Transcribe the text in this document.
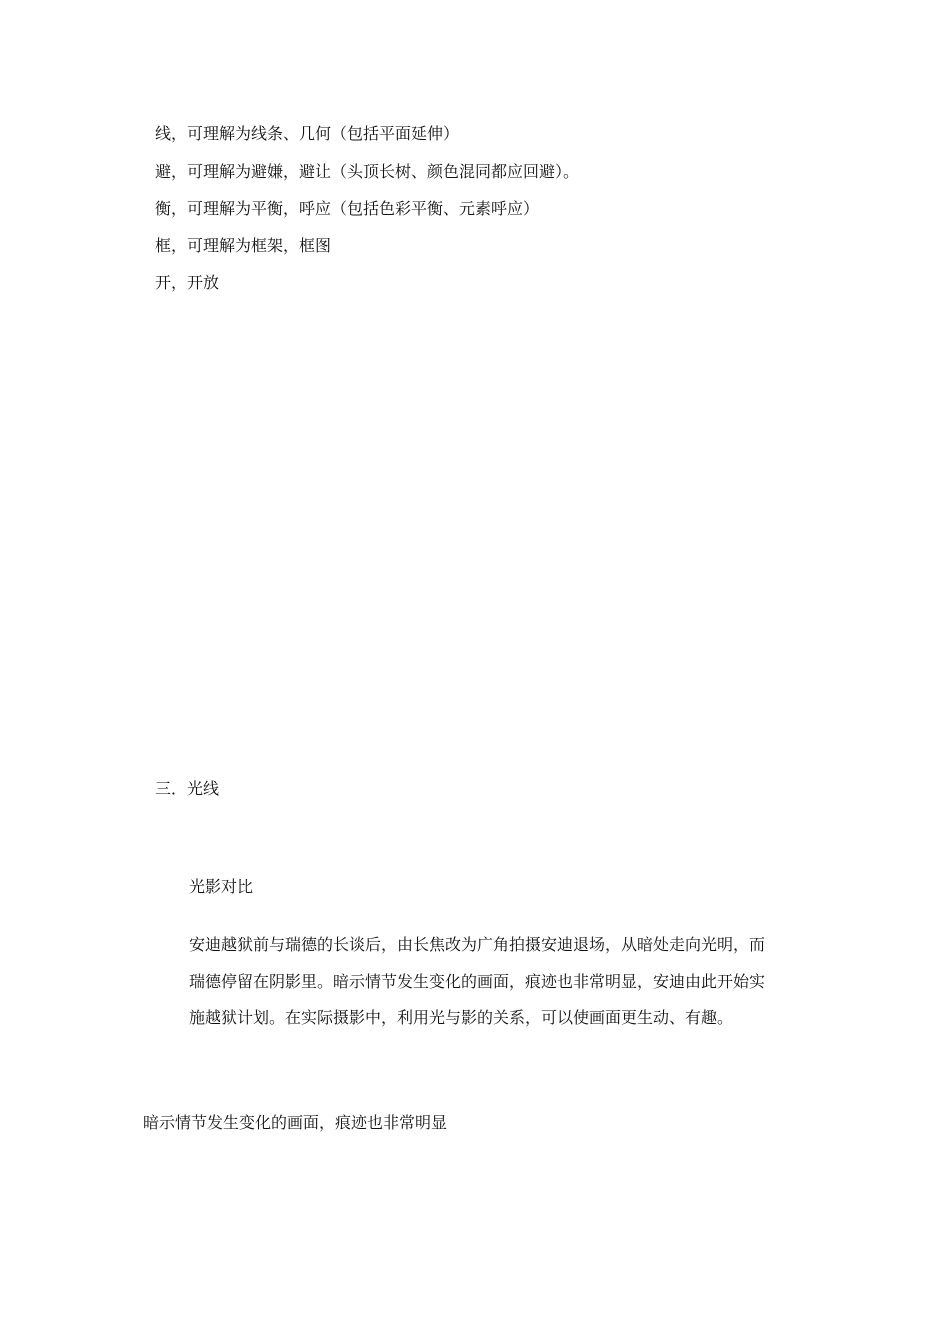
线，可理解为线条、几何（包括平面延伸）
避，可理解为避嫌，避让（头顶长树、颜色混同都应回避）。
衡，可理解为平衡，呼应（包括色彩平衡、元素呼应）
框，可理解为框架，框图
开，开放
三．光线
光影对比
安迪越狱前与瑞德的长谈后，由长焦改为广角拍摄安迪退场，从暗处走向光明，而
瑞德停留在阴影里。暗示情节发生变化的画面，痕迹也非常明显，安迪由此开始实
施越狱计划。在实际摄影中，利用光与影的关系，可以使画面更生动、有趣。
暗示情节发生变化的画面，痕迹也非常明显
